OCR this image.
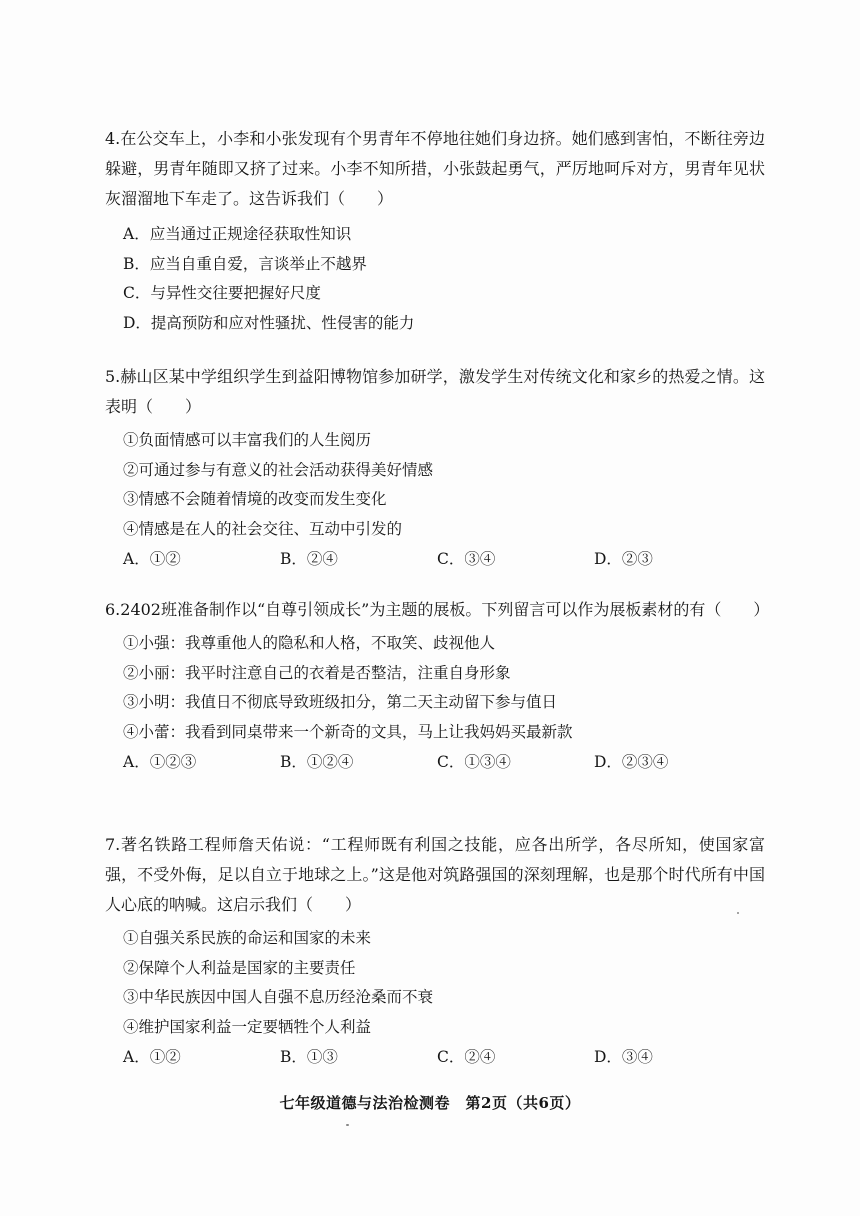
4.在公交车上，小李和小张发现有个男青年不停地往她们身边挤。她们感到害怕，不断往旁边躲避，男青年随即又挤了过来。小李不知所措，小张鼓起勇气，严厉地呵斥对方，男青年见状灰溜溜地下车走了。这告诉我们（　　）

A．应当通过正规途径获取性知识

B．应当自重自爱，言谈举止不越界

C．与异性交往要把握好尺度

D．提高预防和应对性骚扰、性侵害的能力

5.赫山区某中学组织学生到益阳博物馆参加研学，激发学生对传统文化和家乡的热爱之情。这表明（　　）

①负面情感可以丰富我们的人生阅历

②可通过参与有意义的社会活动获得美好情感

③情感不会随着情境的改变而发生变化

④情感是在人的社会交往、互动中引发的

A．①②	B．②④	C．③④	D．②③

6.2402班准备制作以“自尊引领成长”为主题的展板。下列留言可以作为展板素材的有（　　）

①小强：我尊重他人的隐私和人格，不取笑、歧视他人

②小丽：我平时注意自己的衣着是否整洁，注重自身形象

③小明：我值日不彻底导致班级扣分，第二天主动留下参与值日

④小蕾：我看到同桌带来一个新奇的文具，马上让我妈妈买最新款

A．①②③	B．①②④	C．①③④	D．②③④

7.著名铁路工程师詹天佑说：“工程师既有利国之技能，应各出所学，各尽所知，使国家富强，不受外侮，足以自立于地球之上。”这是他对筑路强国的深刻理解，也是那个时代所有中国人心底的呐喊。这启示我们（　　）

①自强关系民族的命运和国家的未来

②保障个人利益是国家的主要责任

③中华民族因中国人自强不息历经沧桑而不衰

④维护国家利益一定要牺牲个人利益

A．①②	B．①③	C．②④	D．③④
七年级道德与法治检测卷　第2页（共6页）
